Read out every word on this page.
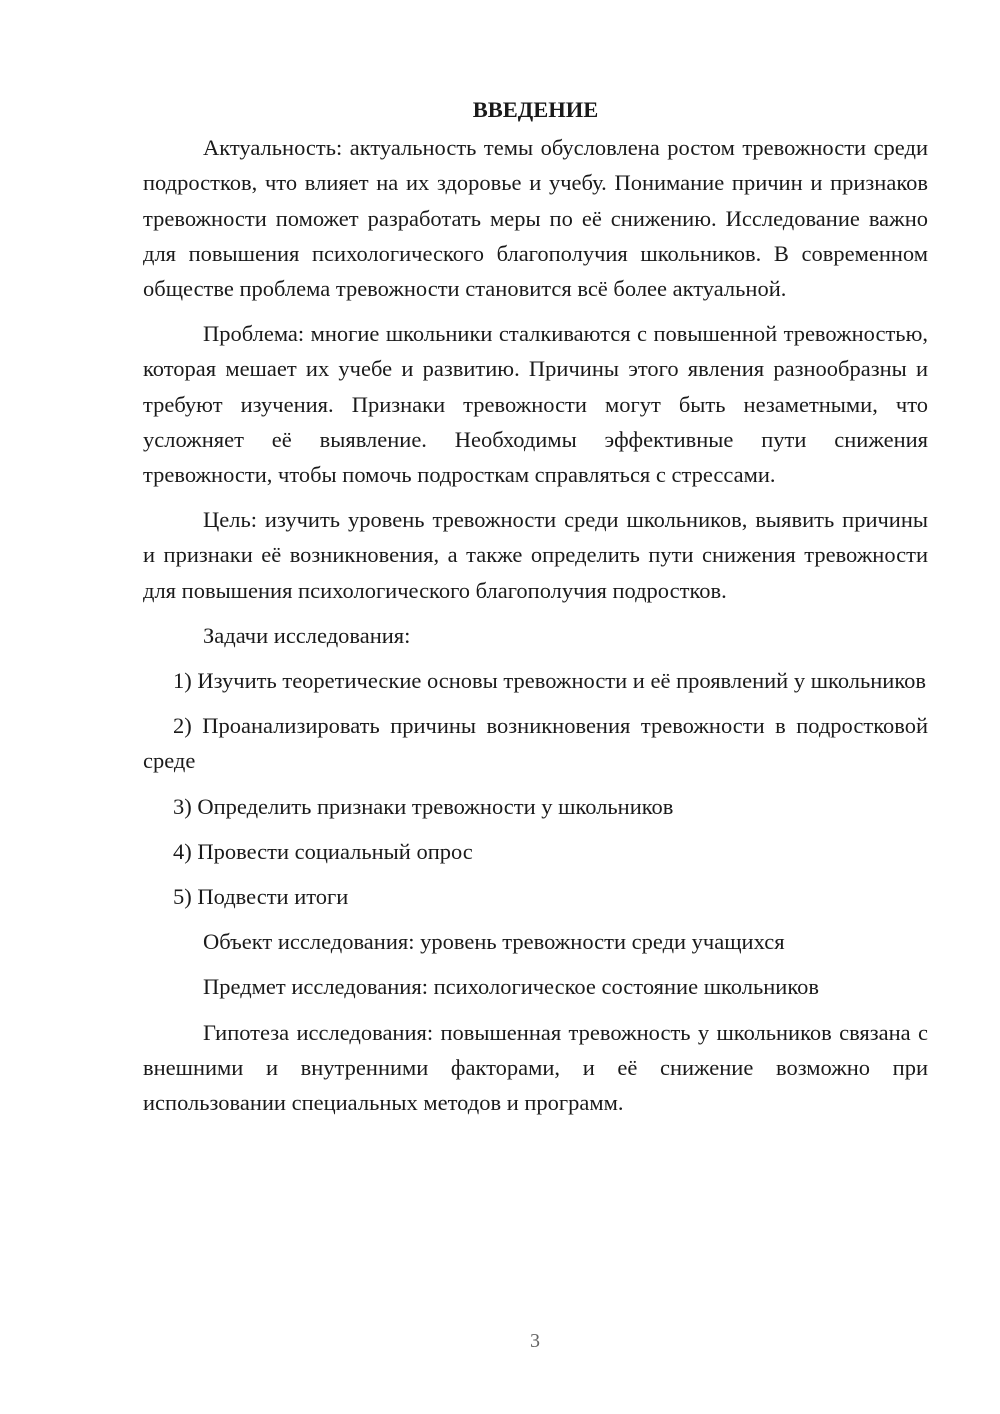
ВВЕДЕНИЕ

Актуальность: актуальность темы обусловлена ростом тревожности среди подростков, что влияет на их здоровье и учебу. Понимание причин и признаков тревожности поможет разработать меры по её снижению. Исследование важно для повышения психологического благополучия школьников. В современном обществе проблема тревожности становится всё более актуальной.

Проблема: многие школьники сталкиваются с повышенной тревожностью, которая мешает их учебе и развитию. Причины этого явления разнообразны и требуют изучения. Признаки тревожности могут быть незаметными, что усложняет её выявление. Необходимы эффективные пути снижения тревожности, чтобы помочь подросткам справляться с стрессами.

Цель: изучить уровень тревожности среди школьников, выявить причины и признаки её возникновения, а также определить пути снижения тревожности для повышения психологического благополучия подростков.

Задачи исследования:

1) Изучить теоретические основы тревожности и её проявлений у школьников

2) Проанализировать причины возникновения тревожности в подростковой среде

3) Определить признаки тревожности у школьников

4) Провести социальный опрос

5) Подвести итоги

Объект исследования: уровень тревожности среди учащихся

Предмет исследования: психологическое состояние школьников

Гипотеза исследования: повышенная тревожность у школьников связана с внешними и внутренними факторами, и её снижение возможно при использовании специальных методов и программ.

3
